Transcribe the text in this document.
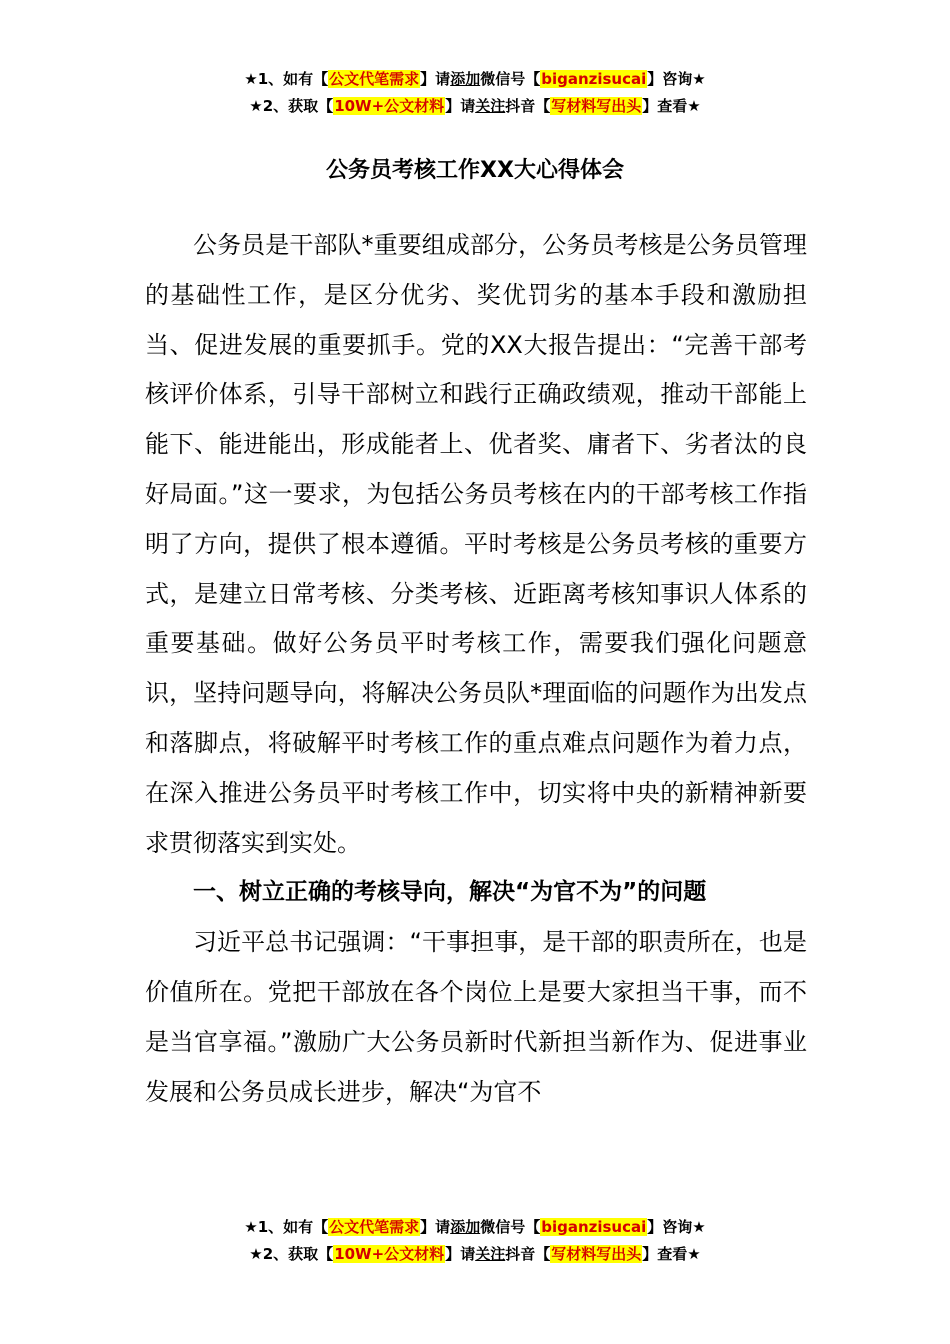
★1、如有【公文代笔需求】请添加微信号【biganzisucai】咨询★
★2、获取【10W+公文材料】请关注抖音【写材料写出头】查看★
公务员考核工作XX大心得体会

公务员是干部队*重要组成部分，公务员考核是公务员管理的基础性工作，是区分优劣、奖优罚劣的基本手段和激励担当、促进发展的重要抓手。党的XX大报告提出：“完善干部考核评价体系，引导干部树立和践行正确政绩观，推动干部能上能下、能进能出，形成能者上、优者奖、庸者下、劣者汰的良好局面。”这一要求，为包括公务员考核在内的干部考核工作指明了方向，提供了根本遵循。平时考核是公务员考核的重要方式，是建立日常考核、分类考核、近距离考核知事识人体系的重要基础。做好公务员平时考核工作，需要我们强化问题意识，坚持问题导向，将解决公务员队*理面临的问题作为出发点和落脚点，将破解平时考核工作的重点难点问题作为着力点，在深入推进公务员平时考核工作中，切实将中央的新精神新要求贯彻落实到实处。

一、树立正确的考核导向，解决“为官不为”的问题

习近平总书记强调：“干事担事，是干部的职责所在，也是价值所在。党把干部放在各个岗位上是要大家担当干事，而不是当官享福。”激励广大公务员新时代新担当新作为、促进事业发展和公务员成长进步，解决“为官不

★1、如有【公文代笔需求】请添加微信号【biganzisucai】咨询★
★2、获取【10W+公文材料】请关注抖音【写材料写出头】查看★
